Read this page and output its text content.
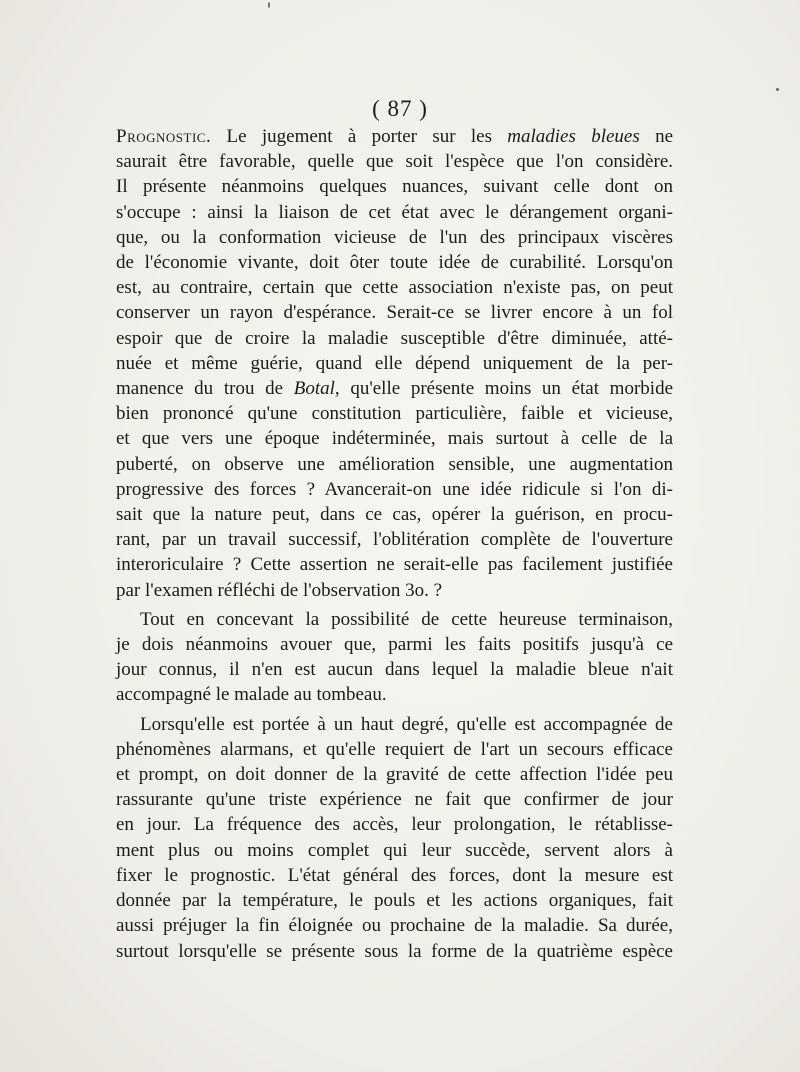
( 87 )

Prognostic. Le jugement à porter sur les maladies bleues ne
saurait être favorable, quelle que soit l'espèce que l'on considère.
Il présente néanmoins quelques nuances, suivant celle dont on
s'occupe : ainsi la liaison de cet état avec le dérangement organi-
que, ou la conformation vicieuse de l'un des principaux viscères
de l'économie vivante, doit ôter toute idée de curabilité. Lorsqu'on
est, au contraire, certain que cette association n'existe pas, on peut
conserver un rayon d'espérance. Serait-ce se livrer encore à un fol
espoir que de croire la maladie susceptible d'être diminuée, atté-
nuée et même guérie, quand elle dépend uniquement de la per-
manence du trou de Botal, qu'elle présente moins un état morbide
bien prononcé qu'une constitution particulière, faible et vicieuse,
et que vers une époque indéterminée, mais surtout à celle de la
puberté, on observe une amélioration sensible, une augmentation
progressive des forces ? Avancerait-on une idée ridicule si l'on di-
sait que la nature peut, dans ce cas, opérer la guérison, en procu-
rant, par un travail successif, l'oblitération complète de l'ouverture
interoriculaire ? Cette assertion ne serait-elle pas facilement justifiée
par l'examen réfléchi de l'observation 3o. ?

Tout en concevant la possibilité de cette heureuse terminaison,
je dois néanmoins avouer que, parmi les faits positifs jusqu'à ce
jour connus, il n'en est aucun dans lequel la maladie bleue n'ait
accompagné le malade au tombeau.

Lorsqu'elle est portée à un haut degré, qu'elle est accompagnée de
phénomènes alarmans, et qu'elle requiert de l'art un secours efficace
et prompt, on doit donner de la gravité de cette affection l'idée peu
rassurante qu'une triste expérience ne fait que confirmer de jour
en jour. La fréquence des accès, leur prolongation, le rétablisse-
ment plus ou moins complet qui leur succède, servent alors à
fixer le prognostic. L'état général des forces, dont la mesure est
donnée par la température, le pouls et les actions organiques, fait
aussi préjuger la fin éloignée ou prochaine de la maladie. Sa durée,
surtout lorsqu'elle se présente sous la forme de la quatrième espèce
